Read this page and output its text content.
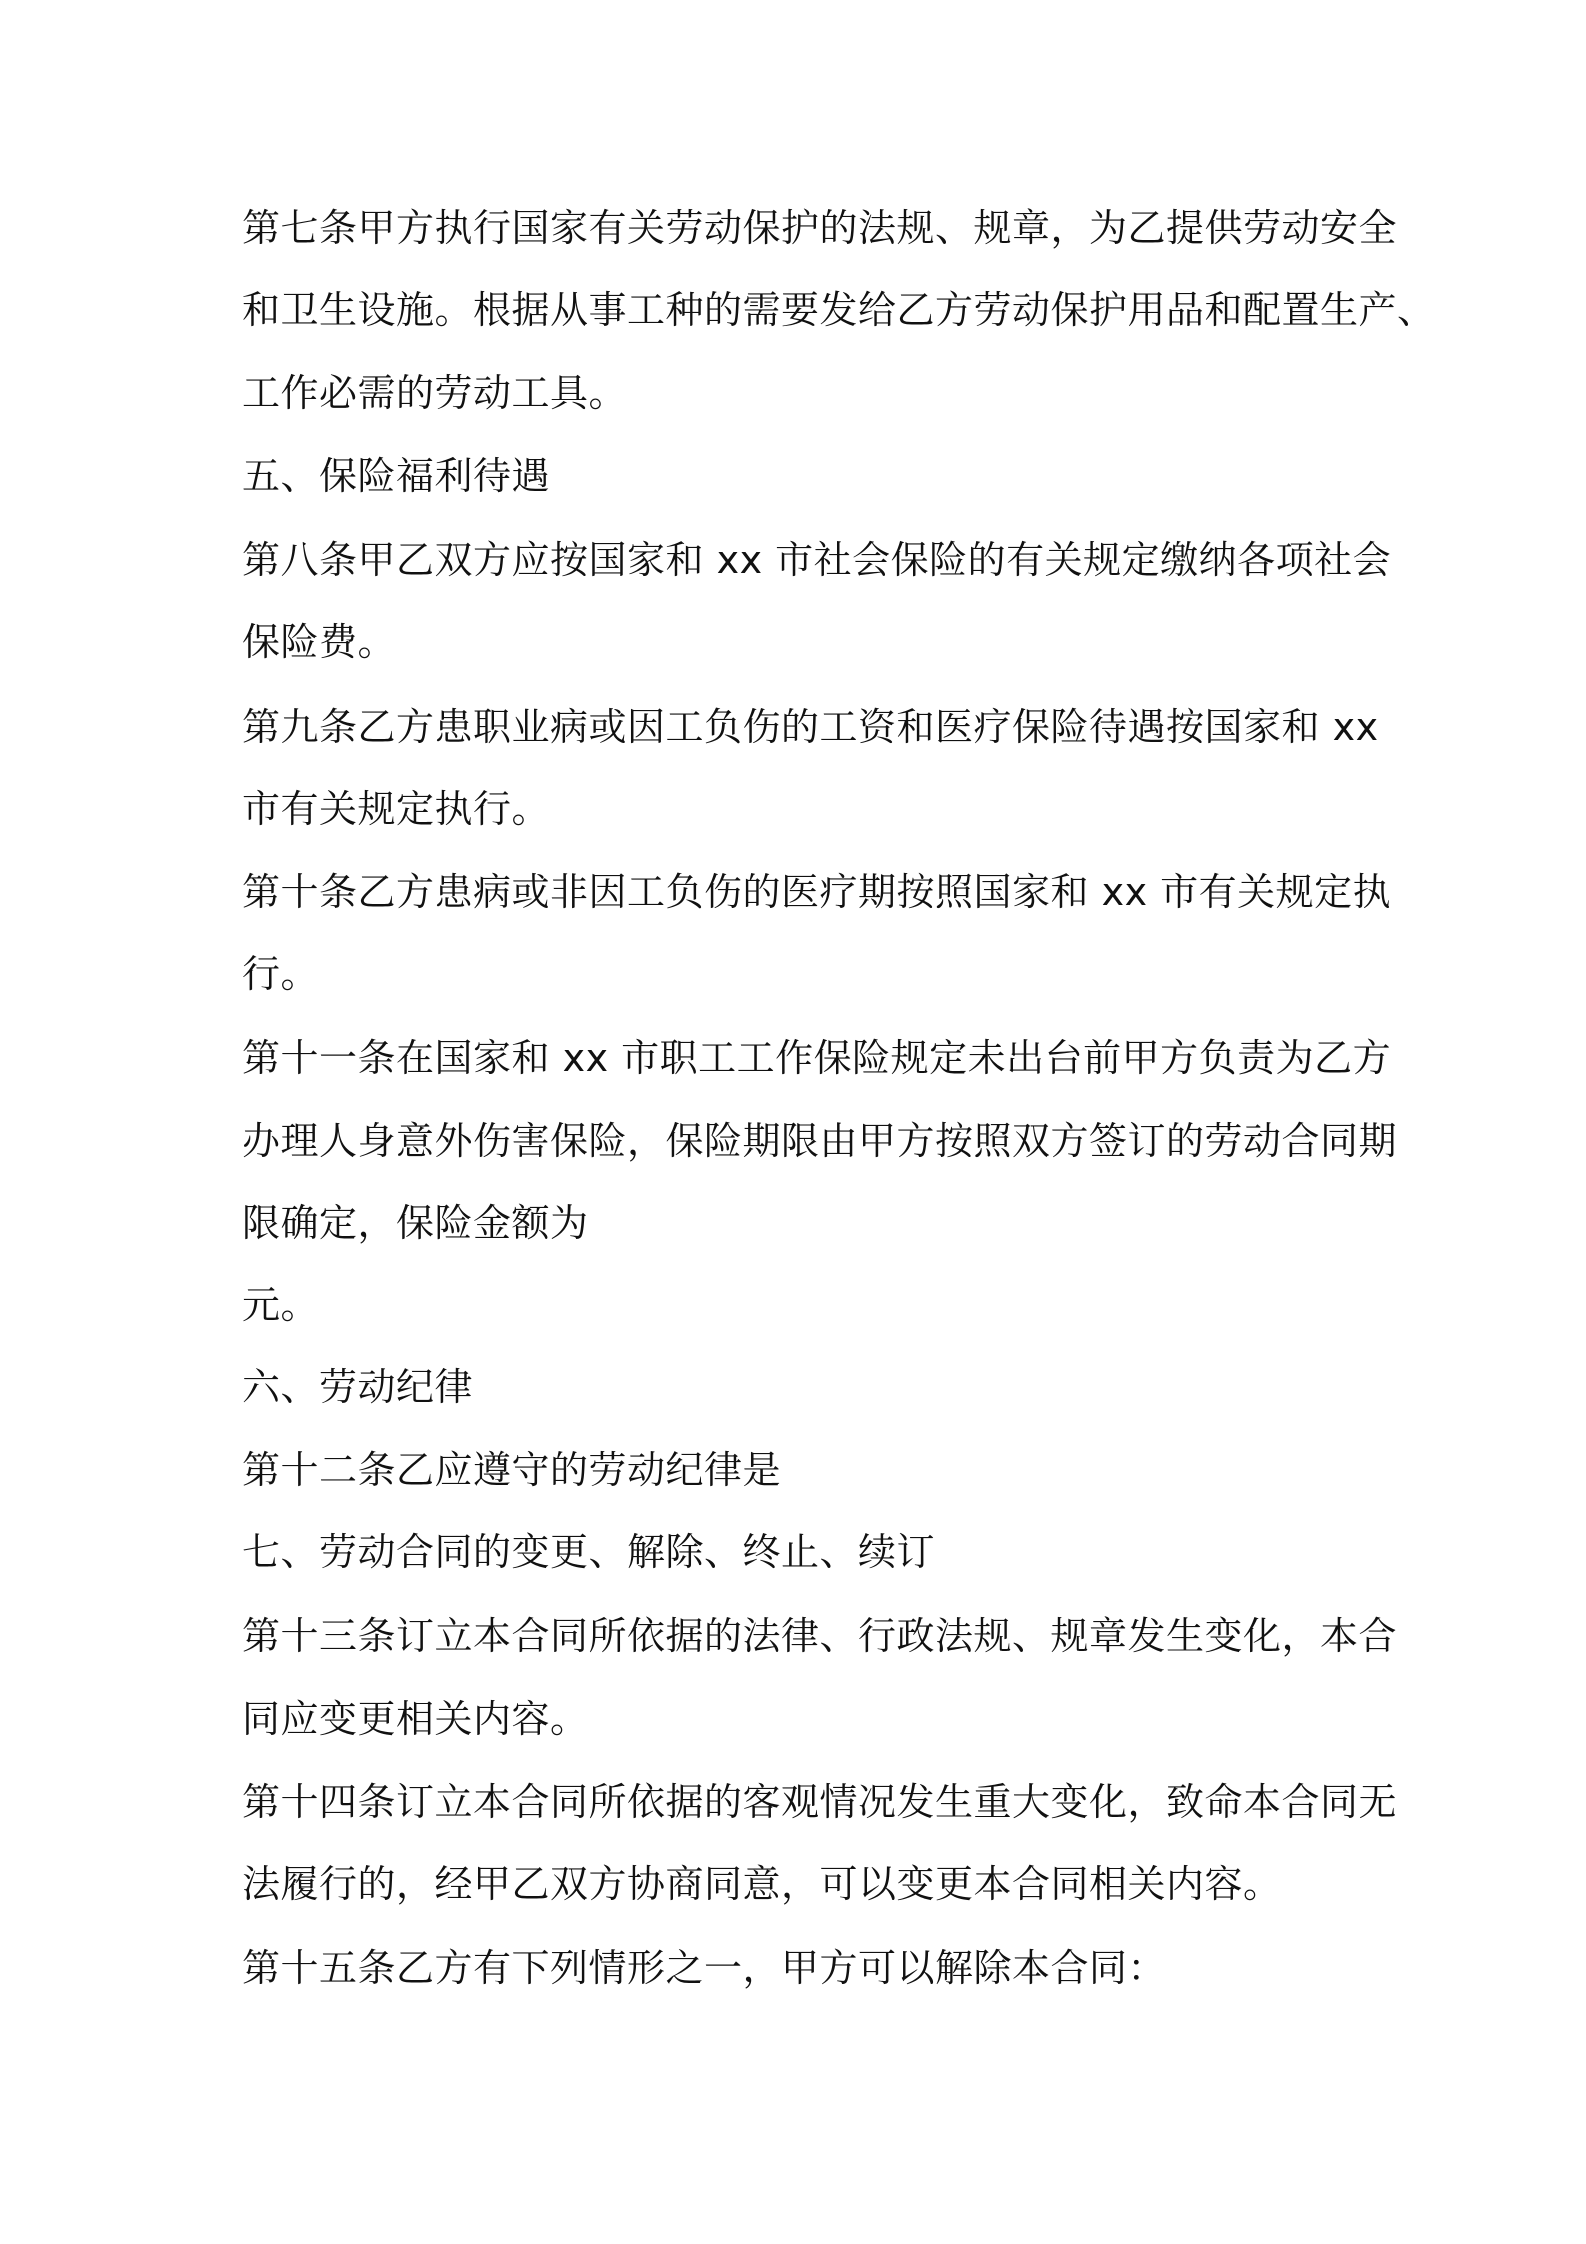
第七条甲方执行国家有关劳动保护的法规、规章，为乙提供劳动安全
和卫生设施。根据从事工种的需要发给乙方劳动保护用品和配置生产、
工作必需的劳动工具。
五、保险福利待遇
第八条甲乙双方应按国家和 xx 市社会保险的有关规定缴纳各项社会
保险费。
第九条乙方患职业病或因工负伤的工资和医疗保险待遇按国家和 xx
市有关规定执行。
第十条乙方患病或非因工负伤的医疗期按照国家和 xx 市有关规定执
行。
第十一条在国家和 xx 市职工工作保险规定未出台前甲方负责为乙方
办理人身意外伤害保险，保险期限由甲方按照双方签订的劳动合同期
限确定，保险金额为
元。
六、劳动纪律
第十二条乙应遵守的劳动纪律是
七、劳动合同的变更、解除、终止、续订
第十三条订立本合同所依据的法律、行政法规、规章发生变化，本合
同应变更相关内容。
第十四条订立本合同所依据的客观情况发生重大变化，致命本合同无
法履行的，经甲乙双方协商同意，可以变更本合同相关内容。
第十五条乙方有下列情形之一，甲方可以解除本合同：
